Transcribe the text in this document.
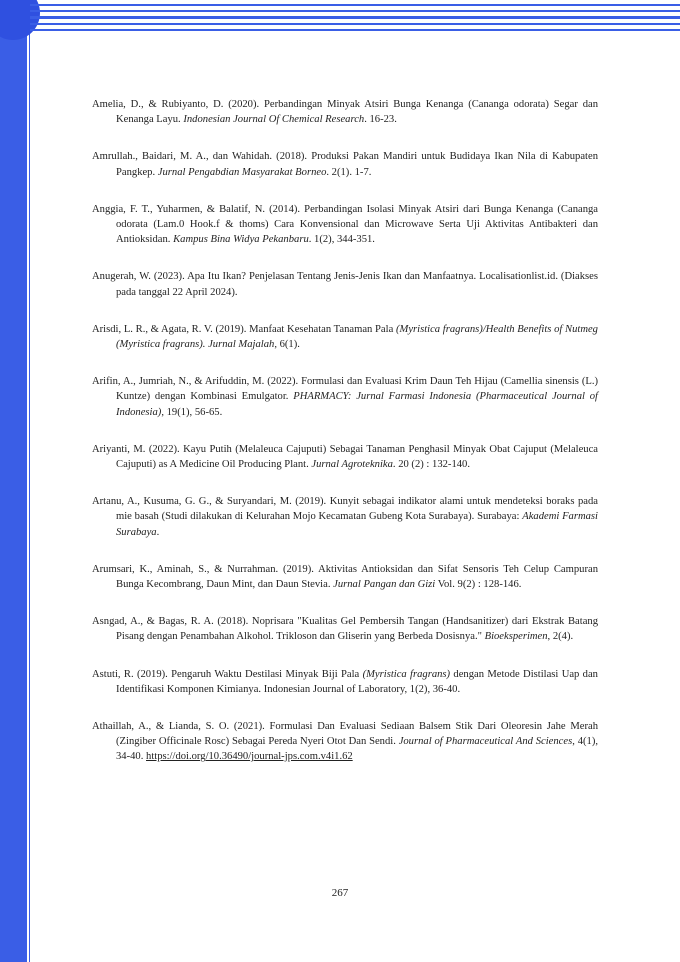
Amelia, D., & Rubiyanto, D. (2020). Perbandingan Minyak Atsiri Bunga Kenanga (Cananga odorata) Segar dan Kenanga Layu. Indonesian Journal Of Chemical Research. 16-23.
Amrullah., Baidari, M. A., dan Wahidah. (2018). Produksi Pakan Mandiri untuk Budidaya Ikan Nila di Kabupaten Pangkep. Jurnal Pengabdian Masyarakat Borneo. 2(1). 1-7.
Anggia, F. T., Yuharmen, & Balatif, N. (2014). Perbandingan Isolasi Minyak Atsiri dari Bunga Kenanga (Cananga odorata (Lam.0 Hook.f & thoms) Cara Konvensional dan Microwave Serta Uji Aktivitas Antibakteri dan Antioksidan. Kampus Bina Widya Pekanbaru. 1(2), 344-351.
Anugerah, W. (2023). Apa Itu Ikan? Penjelasan Tentang Jenis-Jenis Ikan dan Manfaatnya. Localisationlist.id. (Diakses pada tanggal 22 April 2024).
Arisdi, L. R., & Agata, R. V. (2019). Manfaat Kesehatan Tanaman Pala (Myristica fragrans)/Health Benefits of Nutmeg (Myristica fragrans). Jurnal Majalah, 6(1).
Arifin, A., Jumriah, N., & Arifuddin, M. (2022). Formulasi dan Evaluasi Krim Daun Teh Hijau (Camellia sinensis (L.) Kuntze) dengan Kombinasi Emulgator. PHARMACY: Jurnal Farmasi Indonesia (Pharmaceutical Journal of Indonesia), 19(1), 56-65.
Ariyanti, M. (2022). Kayu Putih (Melaleuca Cajuputi) Sebagai Tanaman Penghasil Minyak Obat Cajuput (Melaleuca Cajuputi) as A Medicine Oil Producing Plant. Jurnal Agroteknika. 20 (2) : 132-140.
Artanu, A., Kusuma, G. G., & Suryandari, M. (2019). Kunyit sebagai indikator alami untuk mendeteksi boraks pada mie basah (Studi dilakukan di Kelurahan Mojo Kecamatan Gubeng Kota Surabaya). Surabaya: Akademi Farmasi Surabaya.
Arumsari, K., Aminah, S., & Nurrahman. (2019). Aktivitas Antioksidan dan Sifat Sensoris Teh Celup Campuran Bunga Kecombrang, Daun Mint, dan Daun Stevia. Jurnal Pangan dan Gizi Vol. 9(2) : 128-146.
Asngad, A., & Bagas, R. A. (2018). Noprisara "Kualitas Gel Pembersih Tangan (Handsanitizer) dari Ekstrak Batang Pisang dengan Penambahan Alkohol. Trikloson dan Gliserin yang Berbeda Dosisnya." Bioeksperimen, 2(4).
Astuti, R. (2019). Pengaruh Waktu Destilasi Minyak Biji Pala (Myristica fragrans) dengan Metode Distilasi Uap dan Identifikasi Komponen Kimianya. Indonesian Journal of Laboratory, 1(2), 36-40.
Athaillah, A., & Lianda, S. O. (2021). Formulasi Dan Evaluasi Sediaan Balsem Stik Dari Oleoresin Jahe Merah (Zingiber Officinale Rosc) Sebagai Pereda Nyeri Otot Dan Sendi. Journal of Pharmaceutical And Sciences, 4(1), 34-40. https://doi.org/10.36490/journal-jps.com.v4i1.62
267
